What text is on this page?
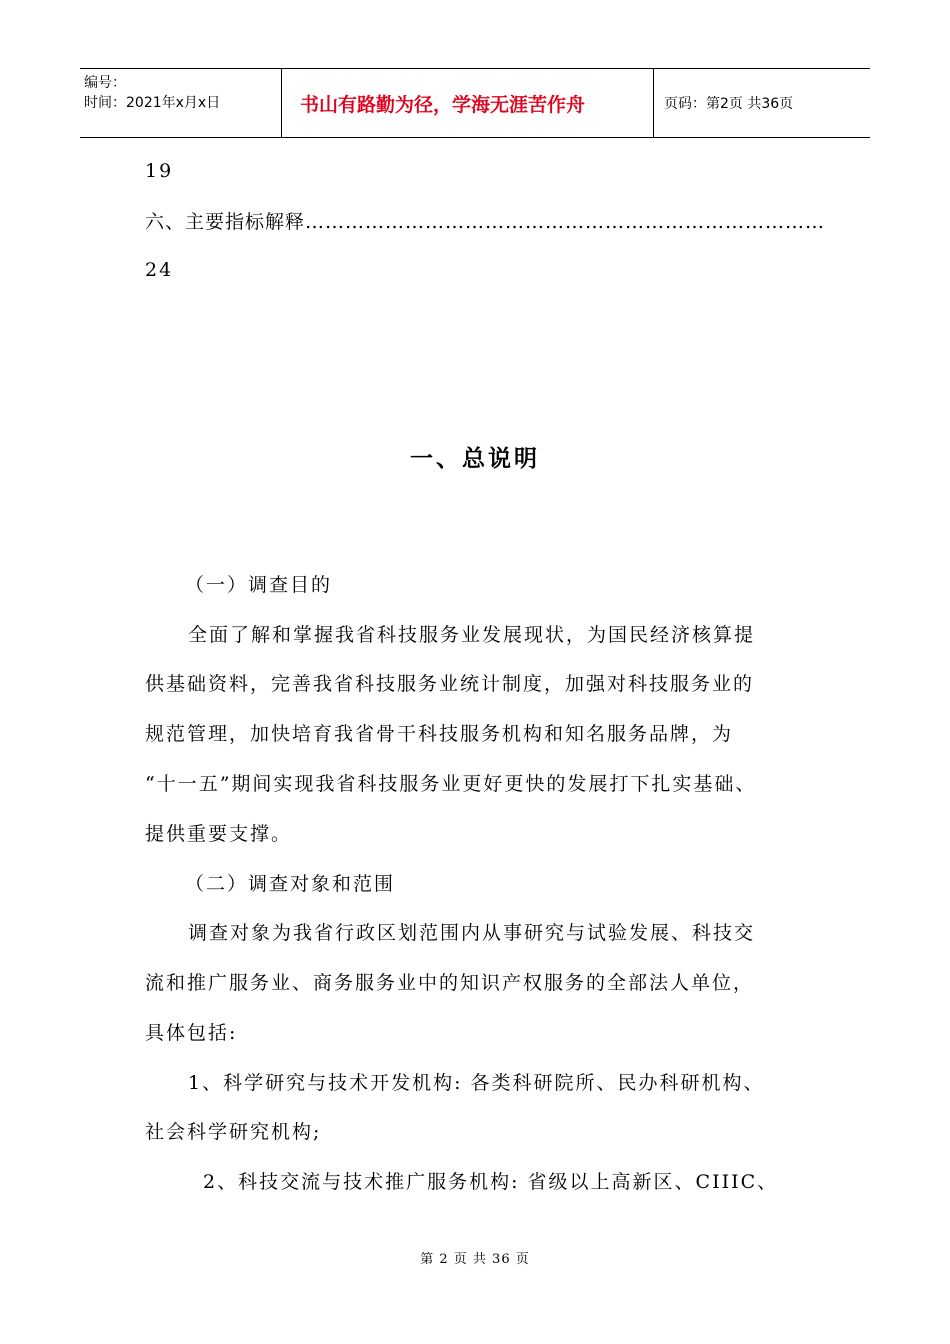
编号：
时间：2021年x月x日	书山有路勤为径，学海无涯苦作舟	页码：第2页 共36页
19
六、主要指标解释……………………………………………………………………
24
一、总说明
（一）调查目的
全面了解和掌握我省科技服务业发展现状，为国民经济核算提
供基础资料，完善我省科技服务业统计制度，加强对科技服务业的
规范管理，加快培育我省骨干科技服务机构和知名服务品牌，为
“十一五”期间实现我省科技服务业更好更快的发展打下扎实基础、
提供重要支撑。
（二）调查对象和范围
调查对象为我省行政区划范围内从事研究与试验发展、科技交
流和推广服务业、商务服务业中的知识产权服务的全部法人单位，
具体包括:
1、科学研究与技术开发机构: 各类科研院所、民办科研机构、
社会科学研究机构;
2、科技交流与技术推广服务机构: 省级以上高新区、CIIIC、
第 2 页 共 36 页
